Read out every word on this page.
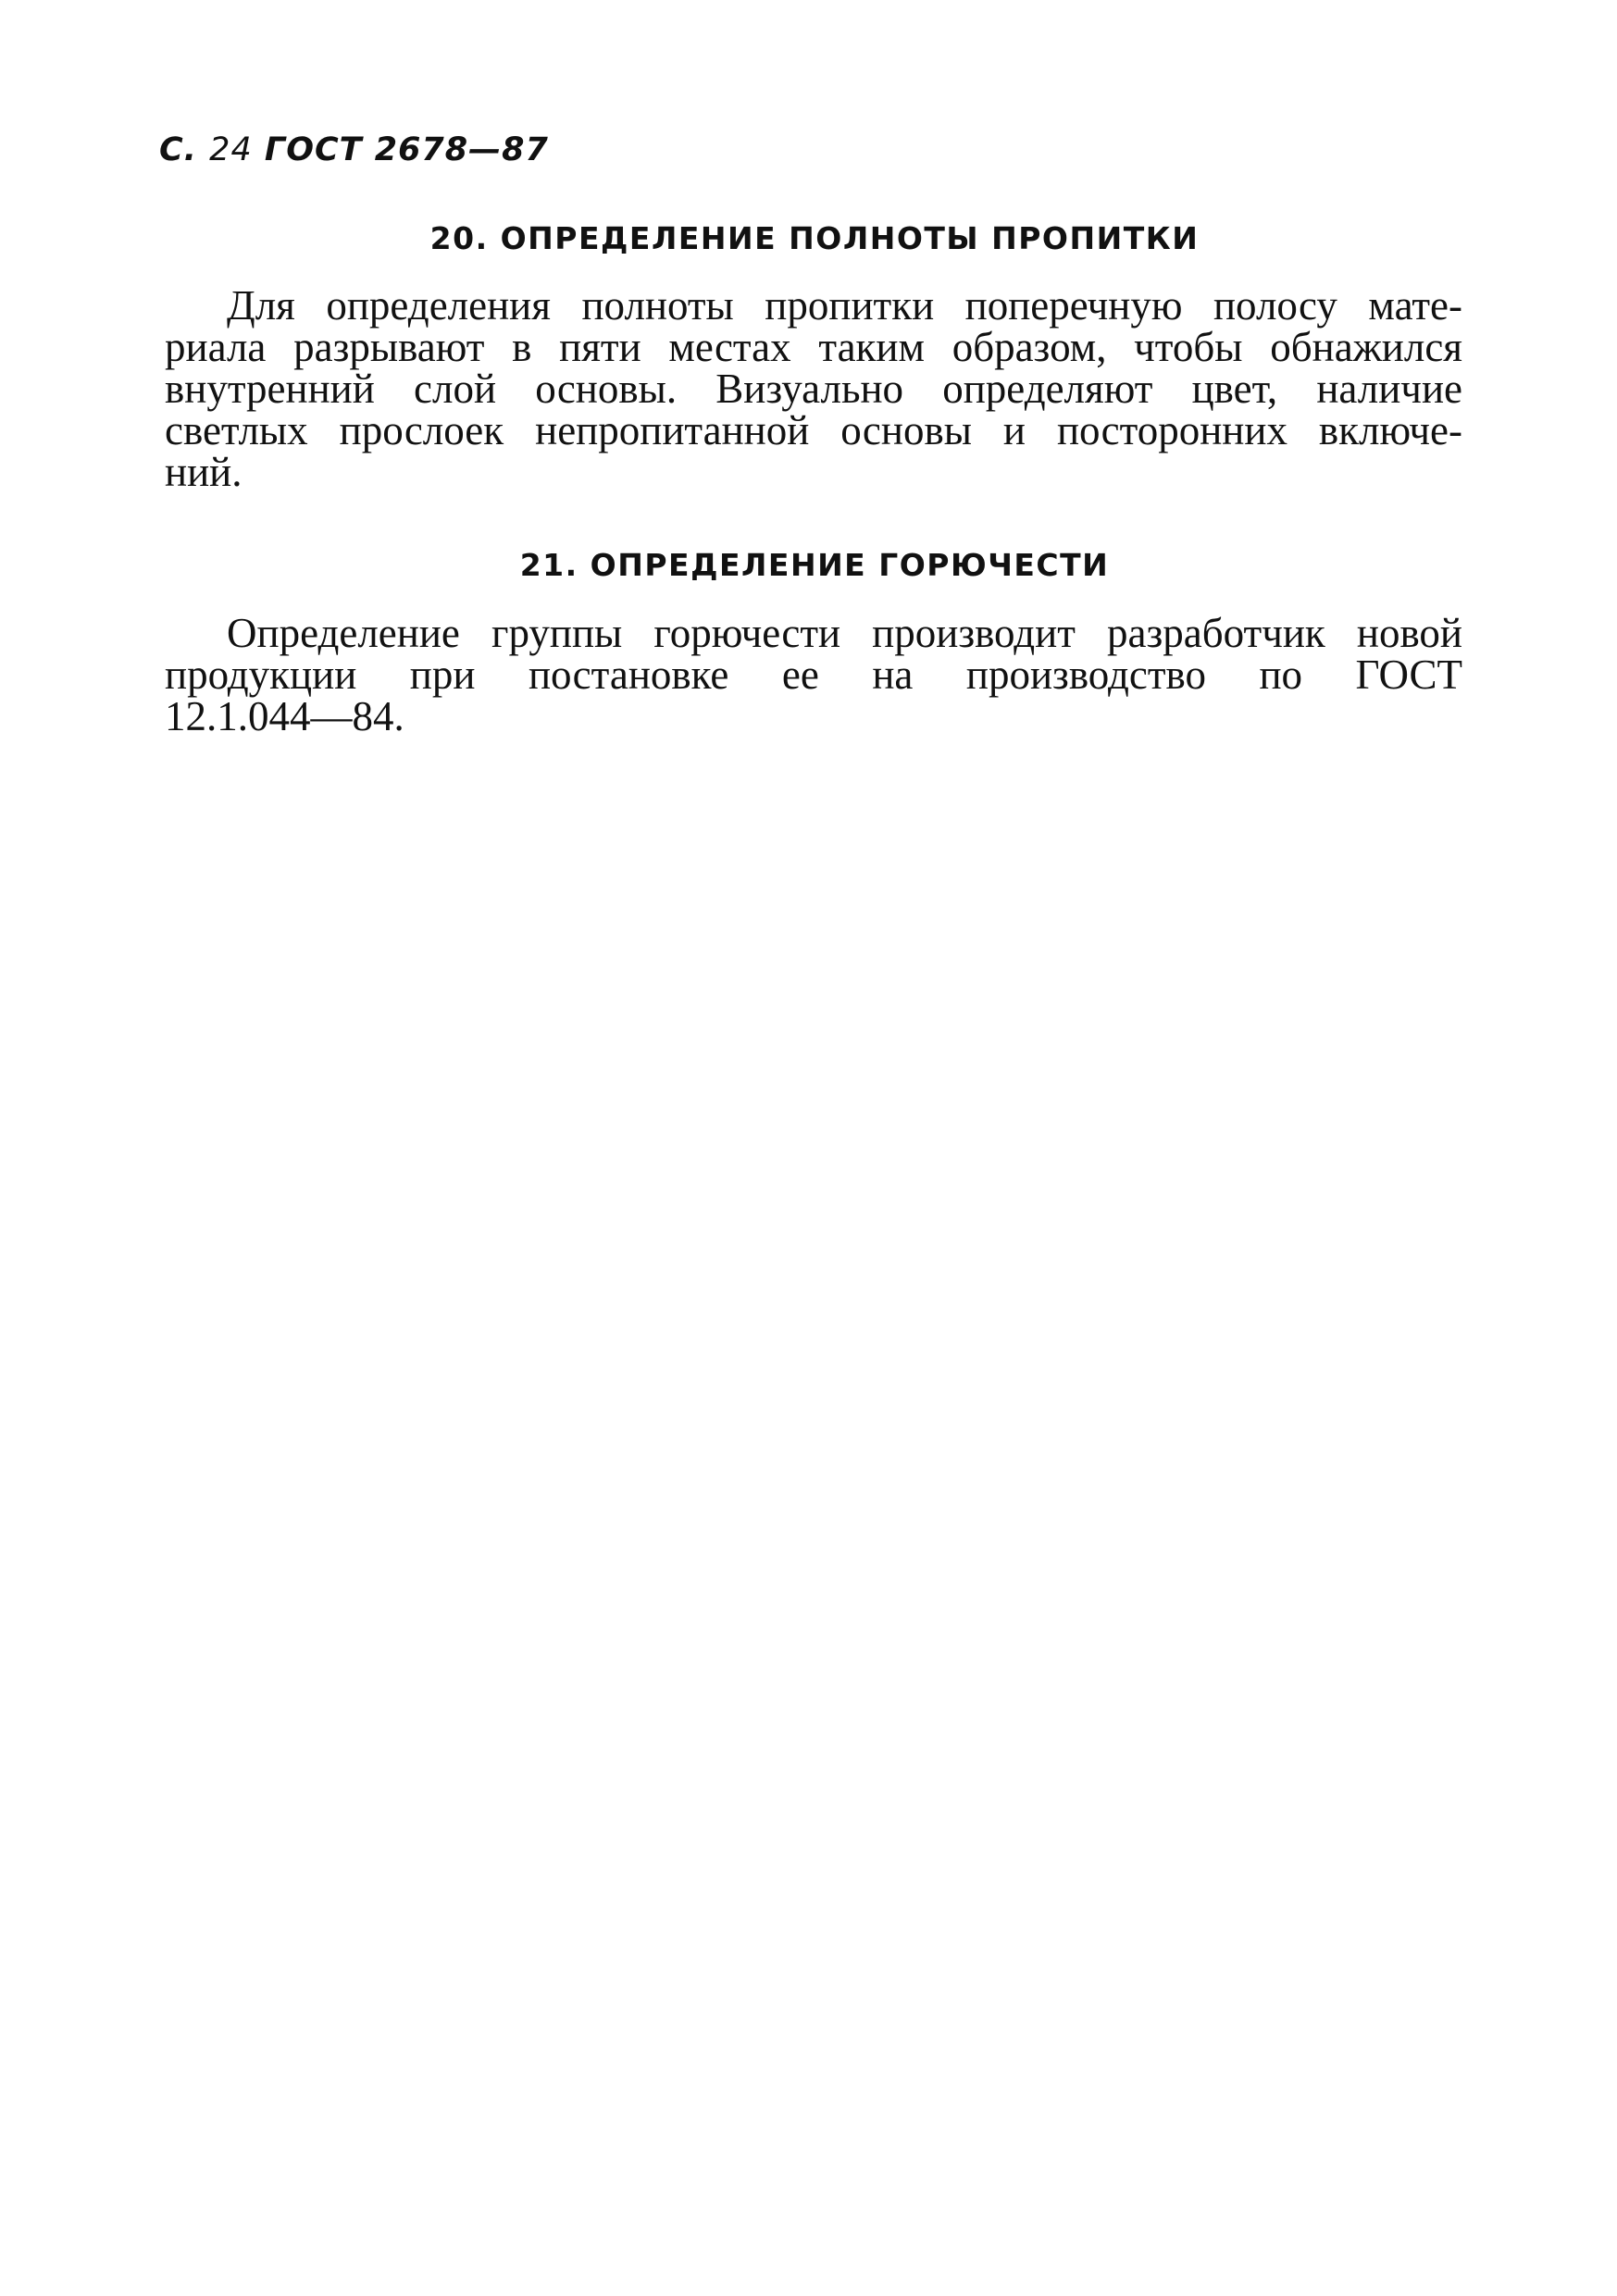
С. 24 ГОСТ 2678—87
20. ОПРЕДЕЛЕНИЕ ПОЛНОТЫ ПРОПИТКИ
Для определения полноты пропитки поперечную полосу мате-
риала разрывают в пяти местах таким образом, чтобы обнажился
внутренний слой основы. Визуально определяют цвет, наличие
светлых прослоек непропитанной основы и посторонних включе-
ний.
21. ОПРЕДЕЛЕНИЕ ГОРЮЧЕСТИ
Определение группы горючести производит разработчик новой
продукции при постановке ее на производство по ГОСТ
12.1.044—84.
